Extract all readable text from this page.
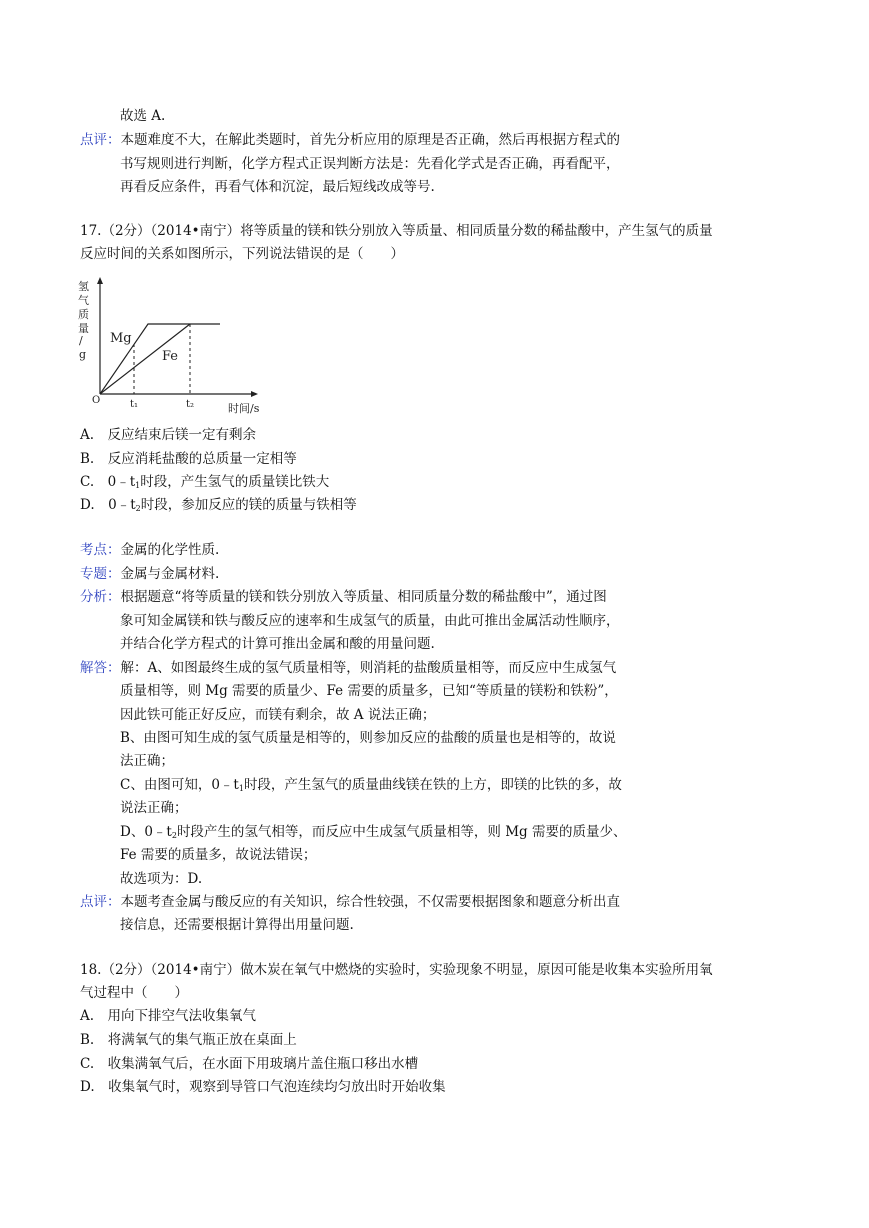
故选 A.
点评：本题难度不大，在解此类题时，首先分析应用的原理是否正确，然后再根据方程式的
书写规则进行判断，化学方程式正误判断方法是：先看化学式是否正确，再看配平，
再看反应条件，再看气体和沉淀，最后短线改成等号.
17.（2分）（2014•南宁）将等质量的镁和铁分别放入等质量、相同质量分数的稀盐酸中，产生氢气的质量
反应时间的关系如图所示，下列说法错误的是（　　）
氢
气
质
量
/
g
Mg
Fe
O	t₁	t₂	时间/s
A.　反应结束后镁一定有剩余
B.　反应消耗盐酸的总质量一定相等
C.　$0﹣t_1$时段，产生氢气的质量镁比铁大
D.　$0﹣t_2$时段，参加反应的镁的质量与铁相等
考点：金属的化学性质.
专题：金属与金属材料.
分析：根据题意“将等质量的镁和铁分别放入等质量、相同质量分数的稀盐酸中”，通过图
象可知金属镁和铁与酸反应的速率和生成氢气的质量，由此可推出金属活动性顺序，
并结合化学方程式的计算可推出金属和酸的用量问题.
解答：解：A、如图最终生成的氢气质量相等，则消耗的盐酸质量相等，而反应中生成氢气
质量相等，则 Mg 需要的质量少、Fe 需要的质量多，已知“等质量的镁粉和铁粉”，
因此铁可能正好反应，而镁有剩余，故 A 说法正确；
B、由图可知生成的氢气质量是相等的，则参加反应的盐酸的质量也是相等的，故说
法正确；
C、由图可知，$0﹣t_1$时段，产生氢气的质量曲线镁在铁的上方，即镁的比铁的多，故
说法正确；
D、$0﹣t_2$时段产生的氢气相等，而反应中生成氢气质量相等，则 Mg 需要的质量少、
Fe 需要的质量多，故说法错误；
故选项为：D.
点评：本题考查金属与酸反应的有关知识，综合性较强，不仅需要根据图象和题意分析出直
接信息，还需要根据计算得出用量问题.
18.（2分）（2014•南宁）做木炭在氧气中燃烧的实验时，实验现象不明显，原因可能是收集本实验所用氧
气过程中（　　）
A.　用向下排空气法收集氧气
B.　将满氧气的集气瓶正放在桌面上
C.　收集满氧气后，在水面下用玻璃片盖住瓶口移出水槽
D.　收集氧气时，观察到导管口气泡连续均匀放出时开始收集
